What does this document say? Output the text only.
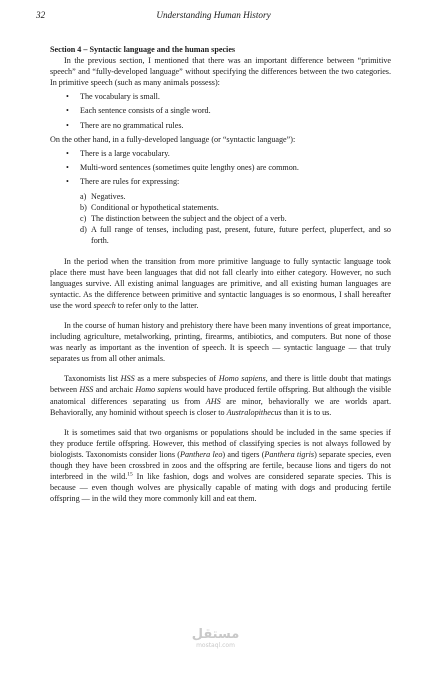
32	Understanding Human History
Section 4 – Syntactic language and the human species

In the previous section, I mentioned that there was an important difference between “primitive speech” and “fully-developed language” without specifying the differences between the two categories. In primitive speech (such as many animals possess):

• The vocabulary is small.
• Each sentence consists of a single word.
• There are no grammatical rules.

On the other hand, in a fully-developed language (or “syntactic language”):

• There is a large vocabulary.
• Multi-word sentences (sometimes quite lengthy ones) are common.
• There are rules for expressing:
a) Negatives.
b) Conditional or hypothetical statements.
c) The distinction between the subject and the object of a verb.
d) A full range of tenses, including past, present, future, future perfect, pluperfect, and so forth.

In the period when the transition from more primitive language to fully syntactic language took place there must have been languages that did not fall clearly into either category. However, no such languages survive. All existing animal languages are primitive, and all existing human languages are syntactic. As the difference between primitive and syntactic languages is so enormous, I shall hereafter use the word speech to refer only to the latter.

In the course of human history and prehistory there have been many inventions of great importance, including agriculture, metalworking, printing, firearms, antibiotics, and computers. But none of those was nearly as important as the invention of speech. It is speech — syntactic language — that truly separates us from all other animals.

Taxonomists list HSS as a mere subspecies of Homo sapiens, and there is little doubt that matings between HSS and archaic Homo sapiens would have produced fertile offspring. But although the visible anatomical differences separating us from AHS are minor, behaviorally we are worlds apart. Behaviorally, any hominid without speech is closer to Australopithecus than it is to us.

It is sometimes said that two organisms or populations should be included in the same species if they produce fertile offspring. However, this method of classifying species is not always followed by biologists. Taxonomists consider lions (Panthera leo) and tigers (Panthera tigris) separate species, even though they have been crossbred in zoos and the offspring are fertile, because lions and tigers do not interbreed in the wild.$^{15}$ In like fashion, dogs and wolves are considered separate species. This is because — even though wolves are physically capable of mating with dogs and producing fertile offspring — in the wild they more commonly kill and eat them.

مستقل
mostaql.com
